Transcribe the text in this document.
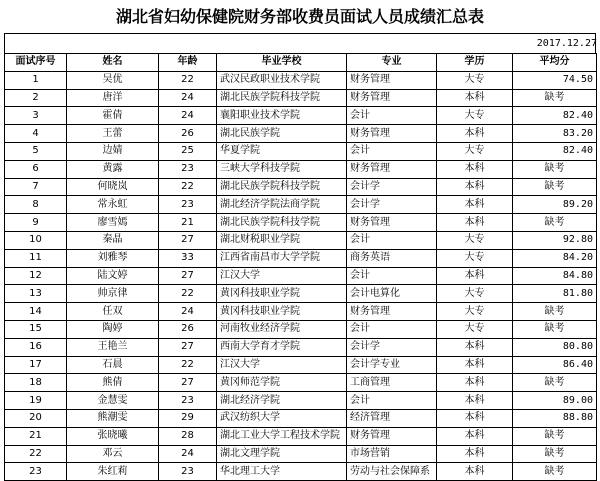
湖北省妇幼保健院财务部收费员面试人员成绩汇总表
2017.12.27
面试序号	姓名	年龄	毕业学校	专业	学历	平均分
1	吴优	22	武汉民政职业技术学院	财务管理	大专	74.50
2	唐洋	24	湖北民族学院科技学院	财务管理	本科	缺考
3	霍倩	24	襄阳职业技术学院	会计	大专	82.40
4	王蕾	26	湖北民族学院	财务管理	本科	83.20
5	边婧	25	华夏学院	会计	大专	82.40
6	黄露	23	三峡大学科技学院	财务管理	本科	缺考
7	何晓岚	22	湖北民族学院科技学院	会计学	本科	缺考
8	常永虹	23	湖北经济学院法商学院	会计学	本科	89.20
9	廖雪嫣	21	湖北民族学院科技学院	财务管理	本科	缺考
10	秦晶	27	湖北财税职业学院	会计	大专	92.80
11	刘雅琴	33	江西省南昌市大学学院	商务英语	大专	84.20
12	陆文婷	27	江汉大学	会计	本科	84.80
13	帅京律	22	黄冈科技职业学院	会计电算化	大专	81.80
14	任双	24	黄冈科技职业学院	财务管理	大专	缺考
15	陶婷	26	河南牧业经济学院	会计	大专	缺考
16	王艳兰	27	西南大学育才学院	会计学	本科	80.80
17	石晨	22	江汉大学	会计学专业	本科	86.40
18	熊倩	27	黄冈师范学院	工商管理	本科	缺考
19	金慧雯	23	湖北经济学院	会计	本科	89.00
20	熊潮雯	29	武汉纺织大学	经济管理	本科	88.80
21	张晓曦	28	湖北工业大学工程技术学院	财务管理	本科	缺考
22	邓云	24	湖北文理学院	市场营销	本科	缺考
23	朱红莉	23	华北理工大学	劳动与社会保障系	本科	缺考
